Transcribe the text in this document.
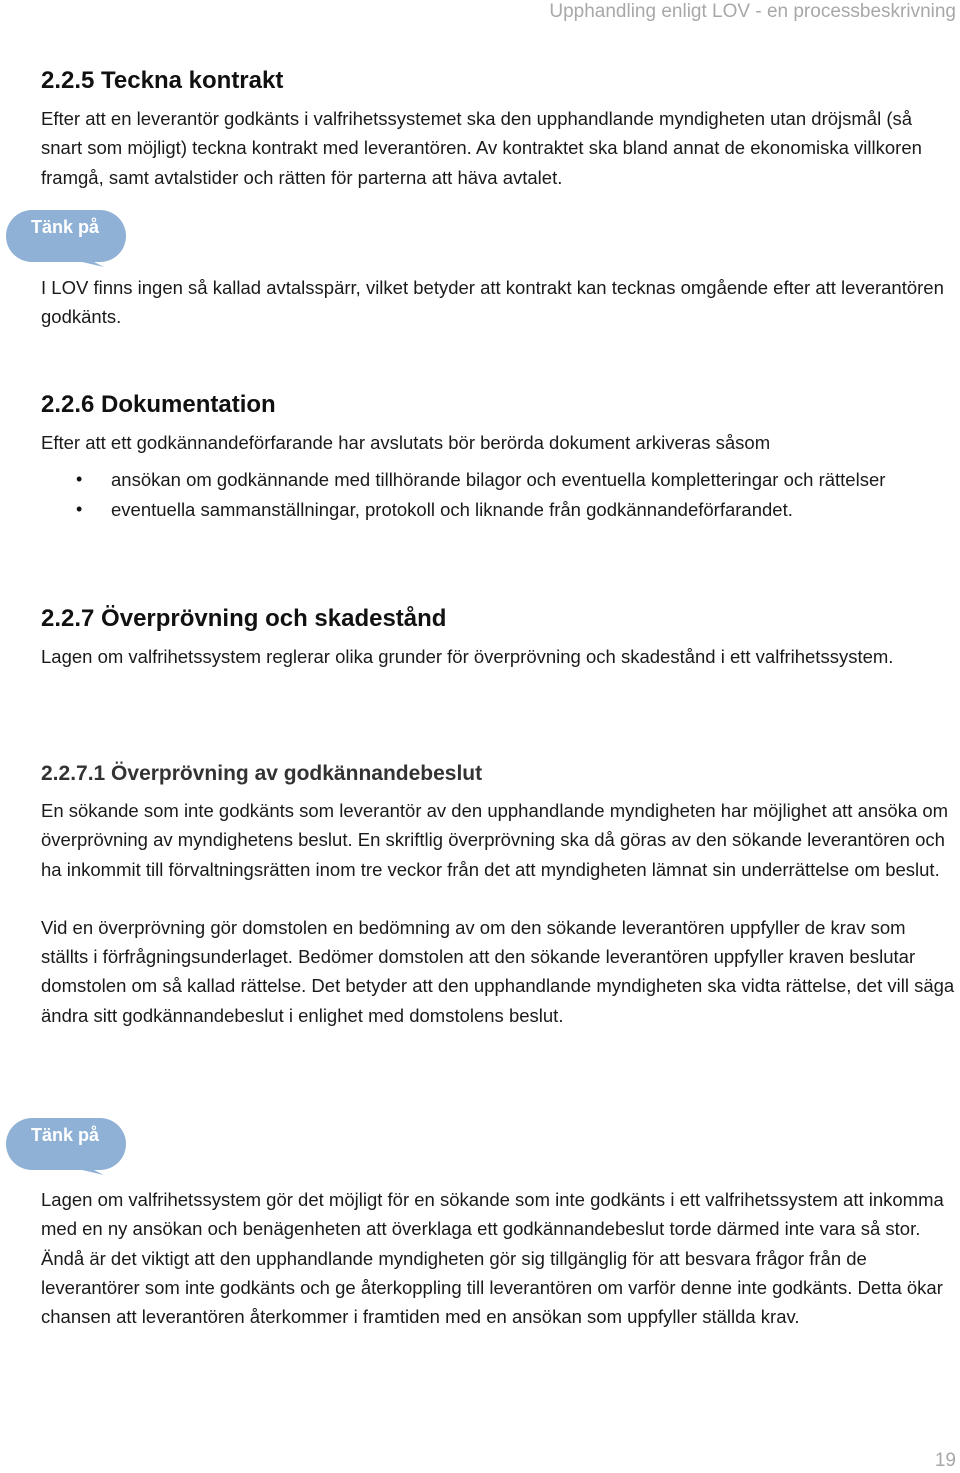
Upphandling enligt LOV - en processbeskrivning
2.2.5 Teckna kontrakt

Efter att en leverantör godkänts i valfrihetssystemet ska den upphandlande myndigheten utan dröjsmål (så snart som möjligt) teckna kontrakt med leverantören. Av kontraktet ska bland annat de ekonomiska villkoren framgå, samt avtalstider och rätten för parterna att häva avtalet.

Tänk på

I LOV finns ingen så kallad avtalsspärr, vilket betyder att kontrakt kan tecknas omgående efter att leverantören godkänts.

2.2.6 Dokumentation

Efter att ett godkännandeförfarande har avslutats bör berörda dokument arkiveras såsom

• ansökan om godkännande med tillhörande bilagor och eventuella kompletteringar och rättelser
• eventuella sammanställningar, protokoll och liknande från godkännandeförfarandet.
2.2.7 Överprövning och skadestånd

Lagen om valfrihetssystem reglerar olika grunder för överprövning och skadestånd i ett valfrihetssystem.

2.2.7.1 Överprövning av godkännandebeslut

En sökande som inte godkänts som leverantör av den upphandlande myndigheten har möjlighet att ansöka om överprövning av myndighetens beslut. En skriftlig överprövning ska då göras av den sökande leverantören och ha inkommit till förvaltningsrätten inom tre veckor från det att myndigheten lämnat sin underrättelse om beslut.

Vid en överprövning gör domstolen en bedömning av om den sökande leverantören uppfyller de krav som ställts i förfrågningsunderlaget. Bedömer domstolen att den sökande leverantören uppfyller kraven beslutar domstolen om så kallad rättelse. Det betyder att den upphandlande myndigheten ska vidta rättelse, det vill säga ändra sitt godkännandebeslut i enlighet med domstolens beslut.

Tänk på

Lagen om valfrihetssystem gör det möjligt för en sökande som inte godkänts i ett valfrihetssystem att inkomma med en ny ansökan och benägenheten att överklaga ett godkännandebeslut torde därmed inte vara så stor. Ändå är det viktigt att den upphandlande myndigheten gör sig tillgänglig för att besvara frågor från de leverantörer som inte godkänts och ge återkoppling till leverantören om varför denne inte godkänts. Detta ökar chansen att leverantören återkommer i framtiden med en ansökan som uppfyller ställda krav.

19
